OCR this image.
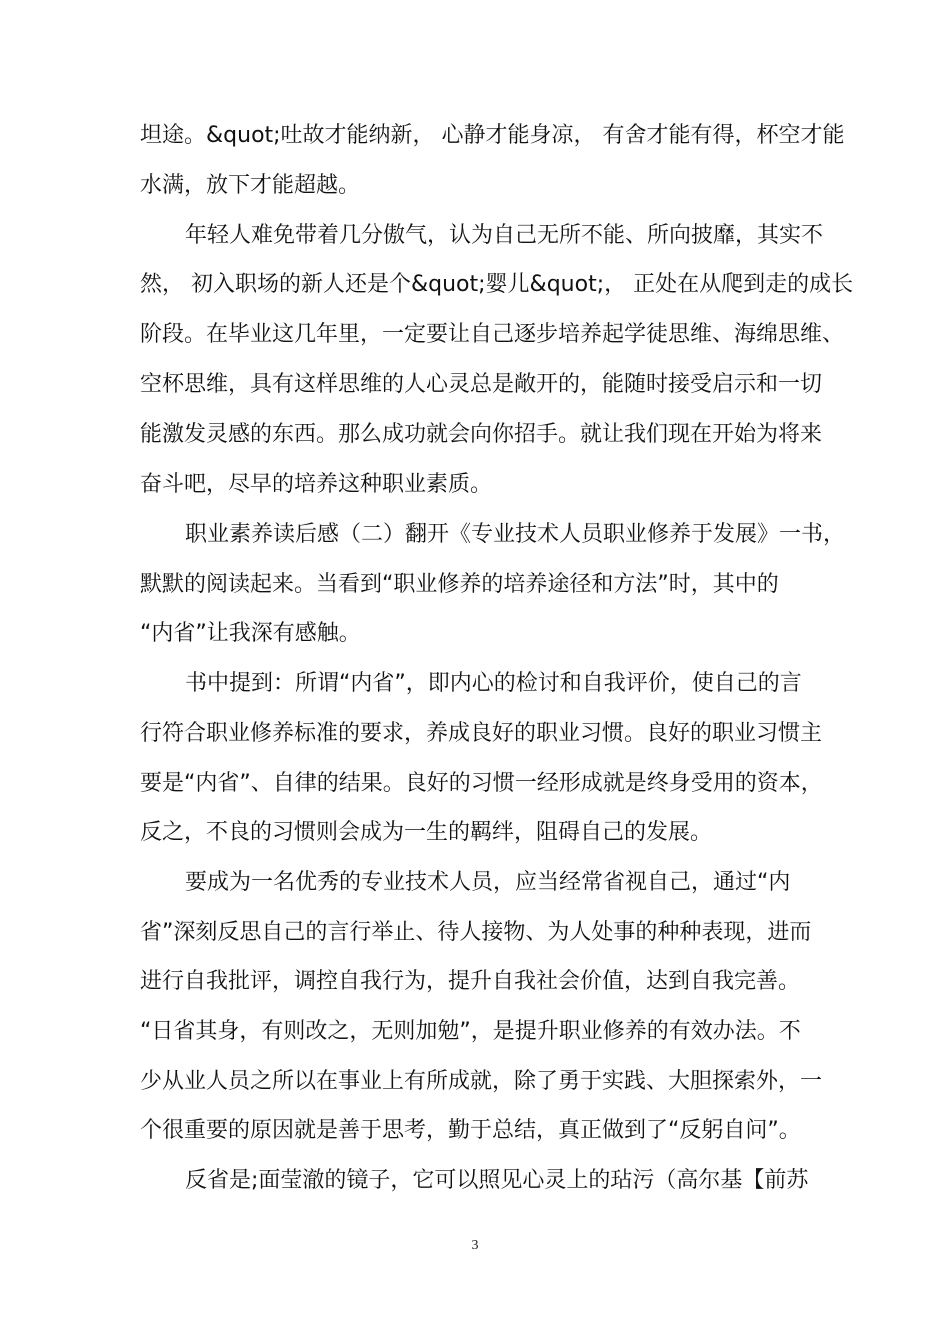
坦途。&quot;吐故才能纳新， 心静才能身凉， 有舍才能有得，杯空才能
水满，放下才能超越。
年轻人难免带着几分傲气，认为自己无所不能、所向披靡，其实不
然， 初入职场的新人还是个&quot;婴儿&quot;， 正处在从爬到走的成长
阶段。在毕业这几年里，一定要让自己逐步培养起学徒思维、海绵思维、
空杯思维，具有这样思维的人心灵总是敞开的，能随时接受启示和一切
能激发灵感的东西。那么成功就会向你招手。就让我们现在开始为将来
奋斗吧，尽早的培养这种职业素质。
职业素养读后感（二）翻开《专业技术人员职业修养于发展》一书，
默默的阅读起来。当看到“职业修养的培养途径和方法”时，其中的
“内省”让我深有感触。
书中提到：所谓“内省”，即内心的检讨和自我评价，使自己的言
行符合职业修养标准的要求，养成良好的职业习惯。良好的职业习惯主
要是“内省”、自律的结果。良好的习惯一经形成就是终身受用的资本，
反之，不良的习惯则会成为一生的羁绊，阻碍自己的发展。
要成为一名优秀的专业技术人员，应当经常省视自己，通过“内
省”深刻反思自己的言行举止、待人接物、为人处事的种种表现，进而
进行自我批评，调控自我行为，提升自我社会价值，达到自我完善。
“日省其身，有则改之，无则加勉”，是提升职业修养的有效办法。不
少从业人员之所以在事业上有所成就，除了勇于实践、大胆探索外，一
个很重要的原因就是善于思考，勤于总结，真正做到了“反躬自问”。
反省是;面莹澈的镜子，它可以照见心灵上的玷污（高尔基【前苏
3
